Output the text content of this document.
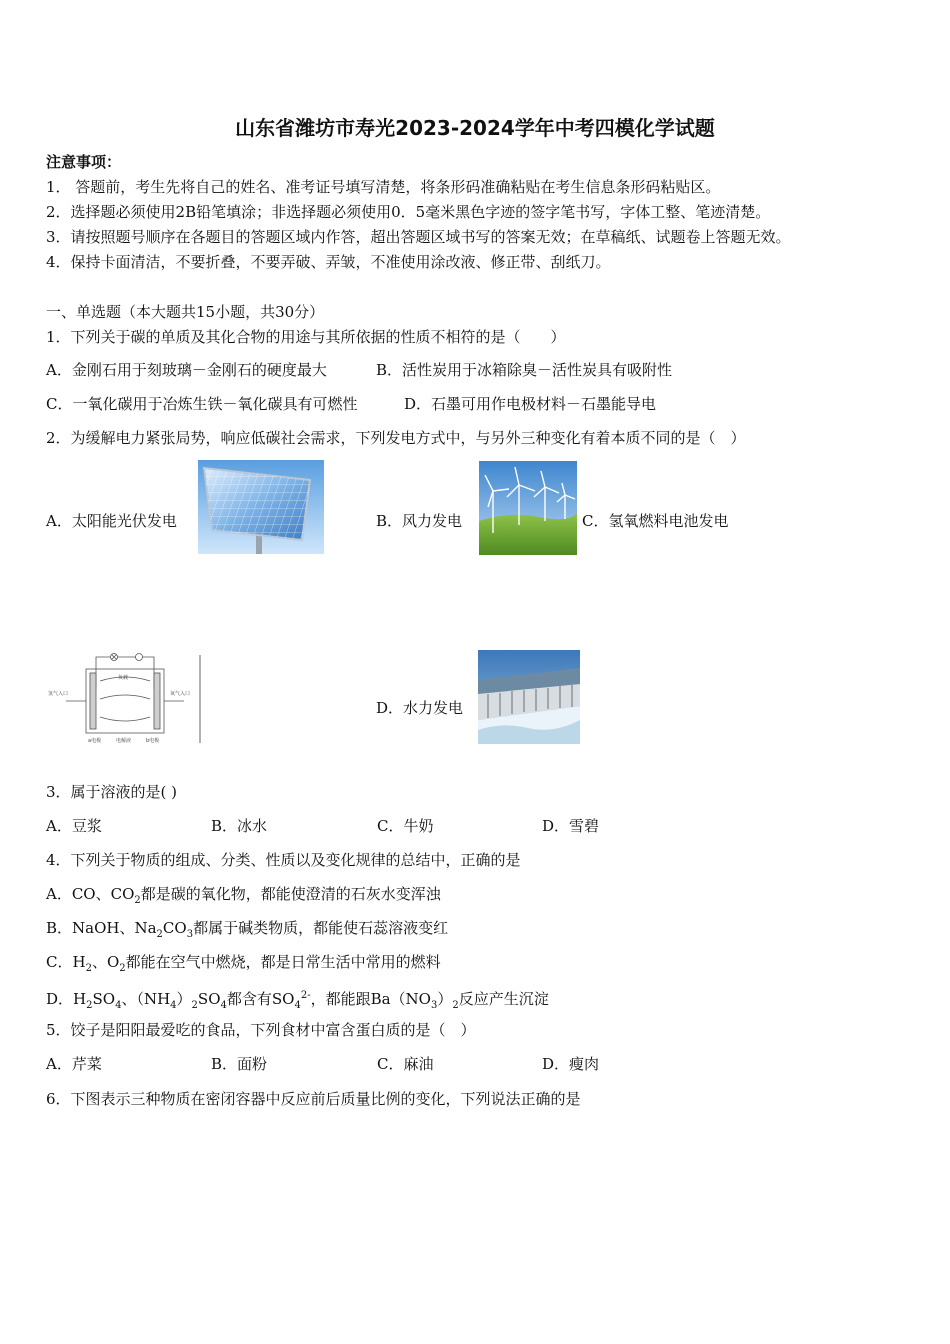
山东省潍坊市寿光2023-2024学年中考四模化学试题
注意事项：
1． 答题前，考生先将自己的姓名、准考证号填写清楚，将条形码准确粘贴在考生信息条形码粘贴区。
2．选择题必须使用2B铅笔填涂；非选择题必须使用0．5毫米黑色字迹的签字笔书写，字体工整、笔迹清楚。
3．请按照题号顺序在各题目的答题区域内作答，超出答题区域书写的答案无效；在草稿纸、试题卷上答题无效。
4．保持卡面清洁，不要折叠，不要弄破、弄皱，不准使用涂改液、修正带、刮纸刀。
一、单选题（本大题共15小题，共30分）
1．下列关于碳的单质及其化合物的用途与其所依据的性质不相符的是（　　）
A．金刚石用于刻玻璃－金刚石的硬度最大	B．活性炭用于冰箱除臭－活性炭具有吸附性
C．一氧化碳用于冶炼生铁－氧化碳具有可燃性	D．石墨可用作电极材料－石墨能导电
2．为缓解电力紧张局势，响应低碳社会需求，下列发电方式中，与另外三种变化有着本质不同的是（　）
A．太阳能光伏发电	B．风力发电	C．氢氧燃料电池发电
负载
氢气入口	氧气入口
a电极	电解液	b电极
D．水力发电
3．属于溶液的是( )
A．豆浆	B．冰水	C．牛奶	D．雪碧
4．下列关于物质的组成、分类、性质以及变化规律的总结中，正确的是
A．CO、$CO_2$都是碳的氧化物，都能使澄清的石灰水变浑浊
B．NaOH、$Na_2CO_3$都属于碱类物质，都能使石蕊溶液变红
C．$H_2$、$O_2$都能在空气中燃烧，都是日常生活中常用的燃料
D．$H_2SO_4$、$(NH_4)_2SO_4$都含有$SO_4^{2-}$，都能跟$Ba(NO_3)_2$反应产生沉淀
5．饺子是阳阳最爱吃的食品，下列食材中富含蛋白质的是（　）
A．芹菜	B．面粉	C．麻油	D．瘦肉
6．下图表示三种物质在密闭容器中反应前后质量比例的变化，下列说法正确的是
